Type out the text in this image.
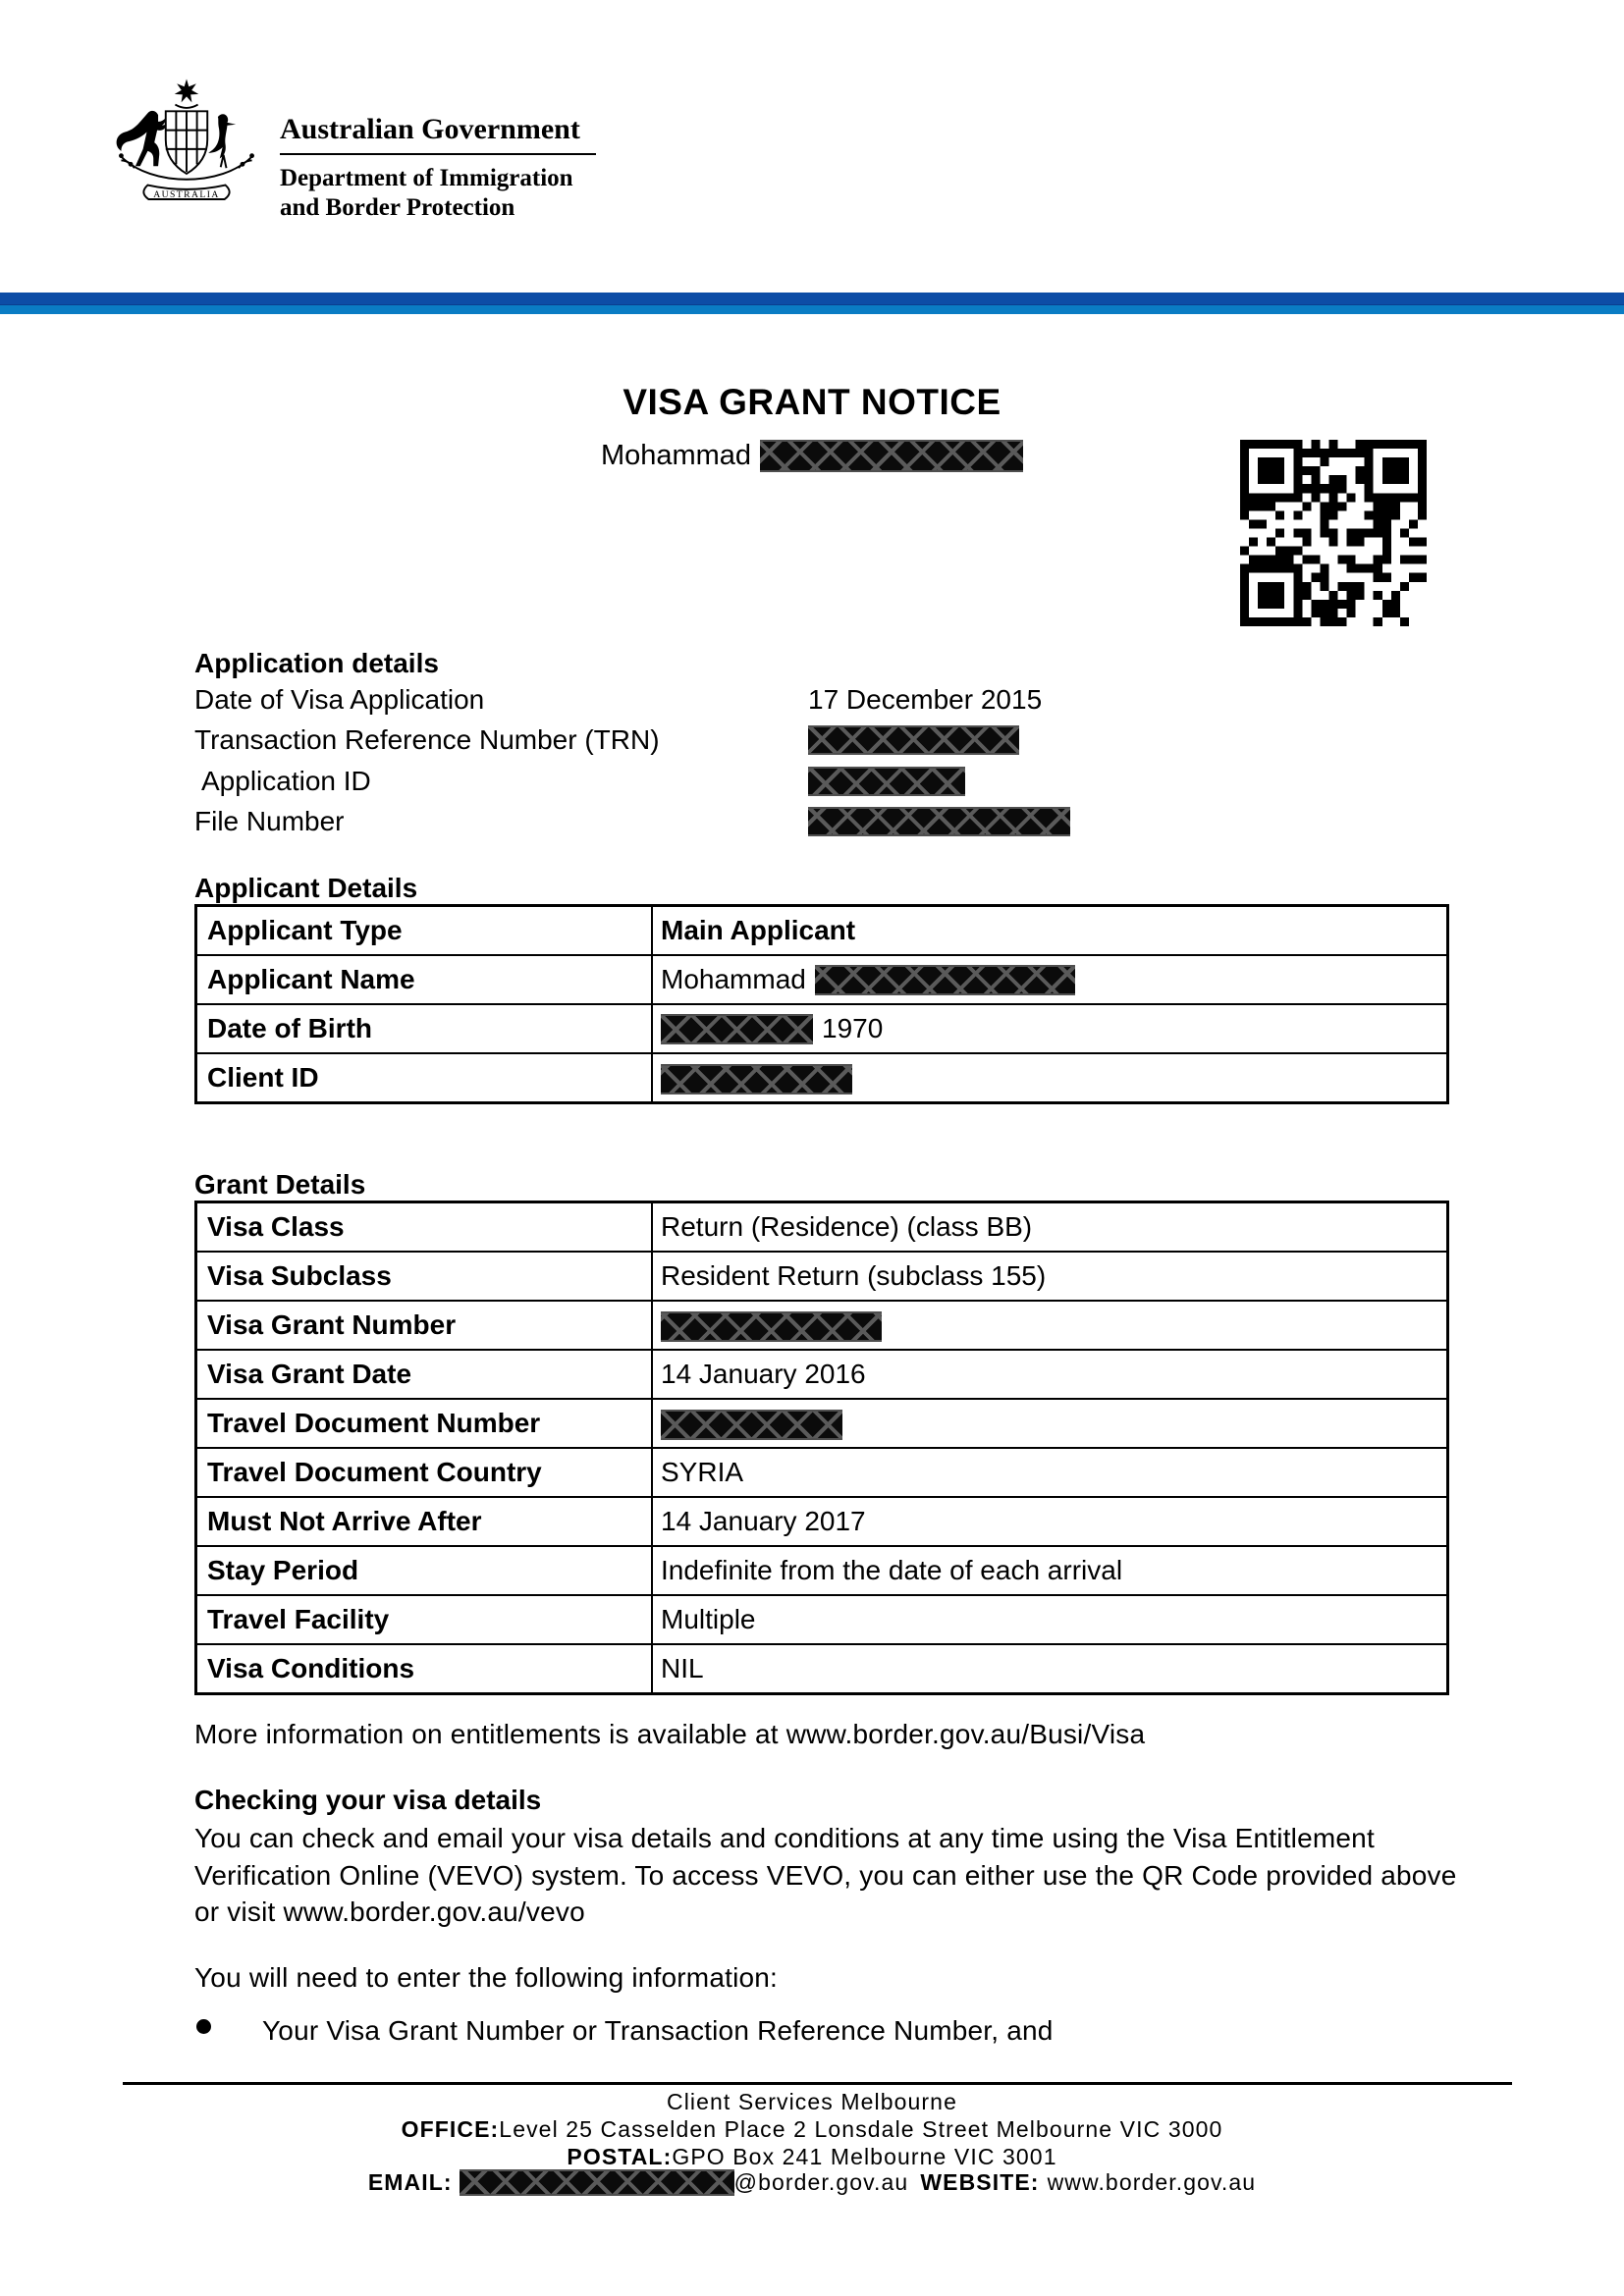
AUSTRALIA
Australian Government
Department of Immigration
and Border Protection
VISA GRANT NOTICE
Mohammad
Application details
Date of Visa Application	17 December 2015
Transaction Reference Number (TRN)
Application ID
File Number
Applicant Details
Applicant Type	Main Applicant
Applicant Name	Mohammad

Date of Birth	1970

Client ID	
Grant Details
Visa Class	Return (Residence) (class BB)
Visa Subclass	Resident Return (subclass 155)
Visa Grant Number	
Visa Grant Date	14 January 2016
Travel Document Number	
Travel Document Country	SYRIA
Must Not Arrive After	14 January 2017
Stay Period	Indefinite from the date of each arrival
Travel Facility	Multiple
Visa Conditions	NIL
More information on entitlements is available at www.border.gov.au/Busi/Visa
Checking your visa details
You can check and email your visa details and conditions at any time using the Visa Entitlement Verification Online (VEVO) system. To access VEVO, you can either use the QR Code provided above or visit www.border.gov.au/vevo
You will need to enter the following information:
Your Visa Grant Number or Transaction Reference Number, and
Client Services Melbourne
OFFICE:Level 25 Casselden Place 2 Lonsdale Street Melbourne VIC 3000
POSTAL:GPO Box 241 Melbourne VIC 3001
EMAIL:	@border.gov.au WEBSITE: www.border.gov.au
